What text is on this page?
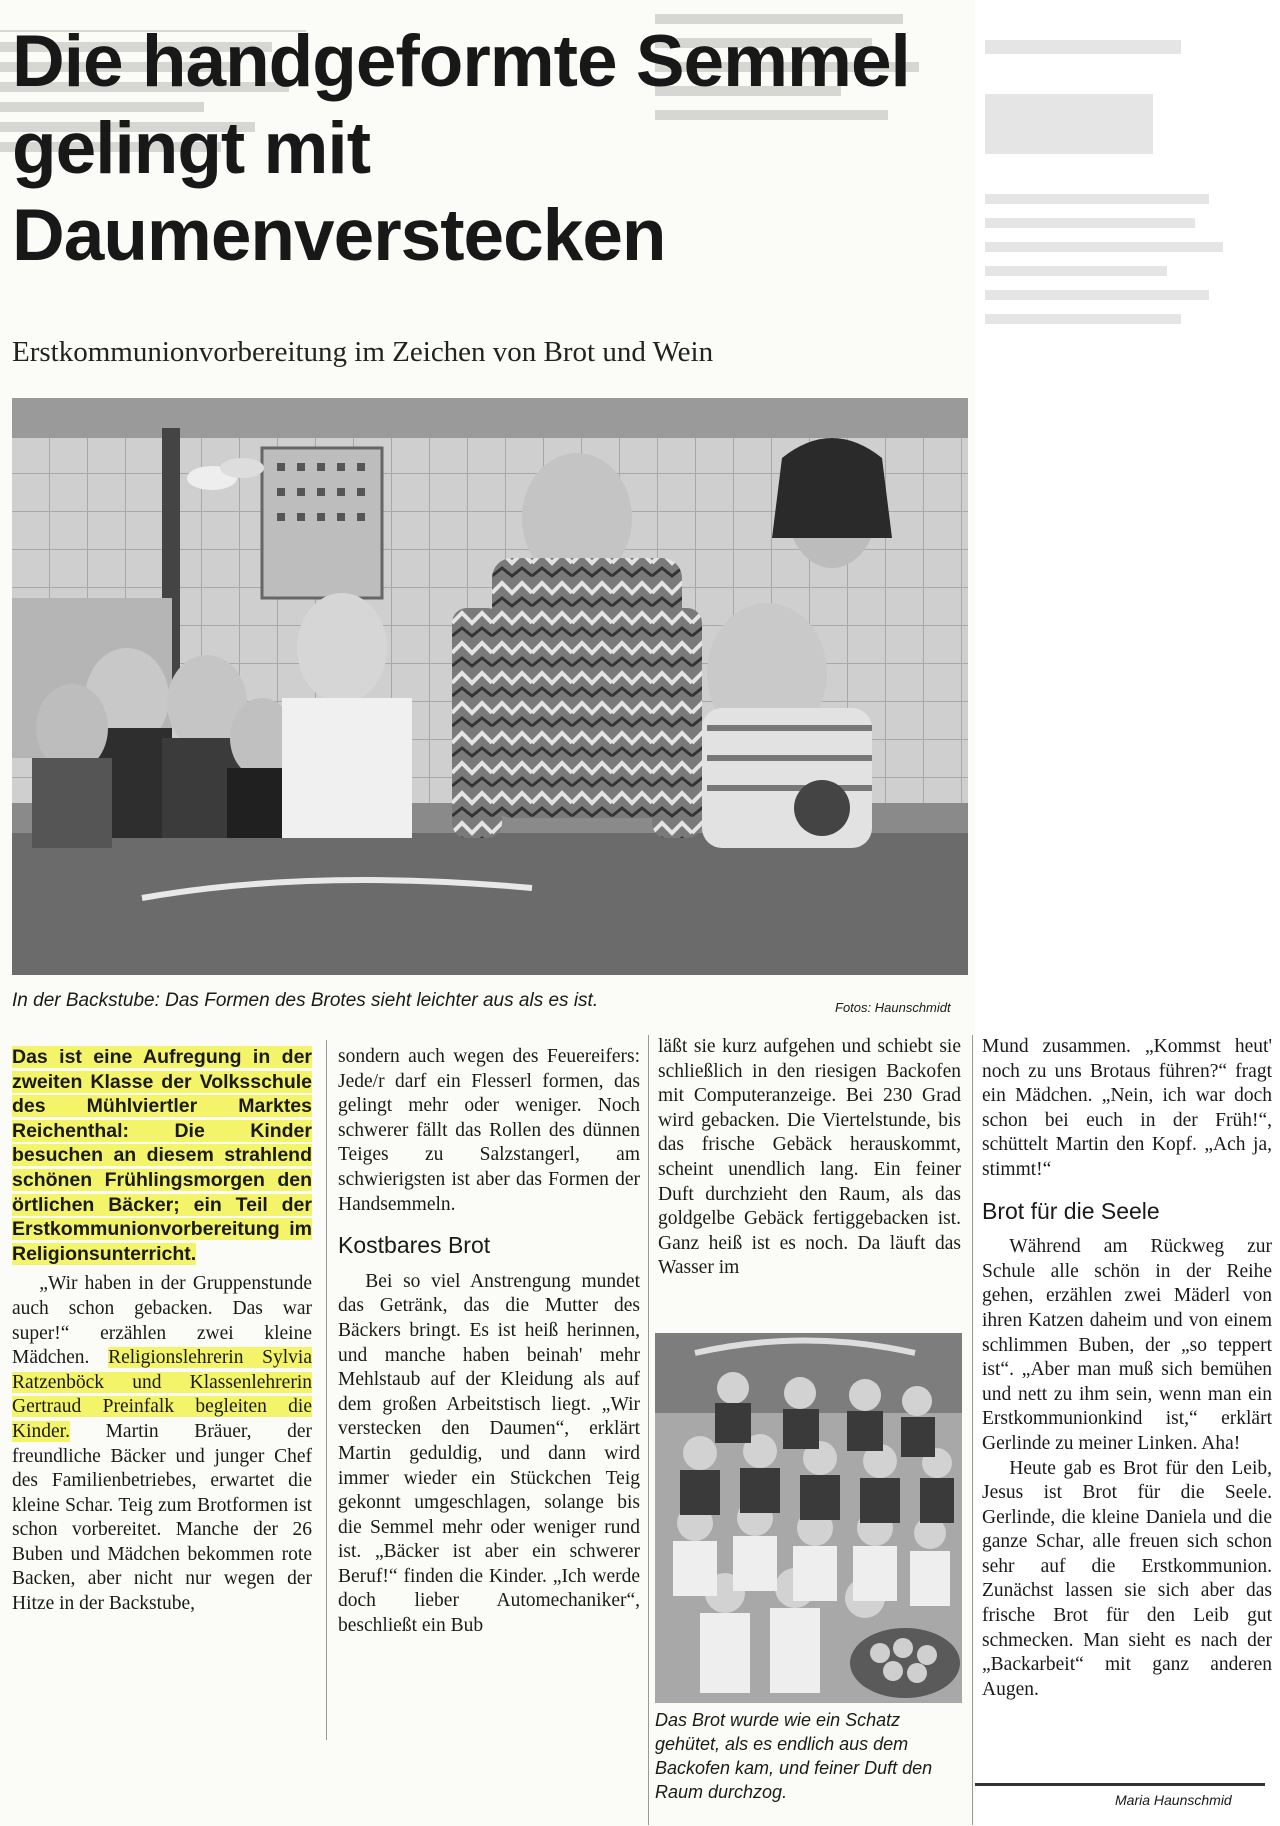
Die handgeformte Semmel gelingt mit Daumenverstecken
Erstkommunionvorbereitung im Zeichen von Brot und Wein
In der Backstube: Das Formen des Brotes sieht leichter aus als es ist.	Fotos: Haunschmidt

Das ist eine Aufregung in der zweiten Klasse der Volksschule des Mühlviertler Marktes Reichenthal: Die Kinder besuchen an diesem strahlend schönen Frühlingsmorgen den örtlichen Bäcker; ein Teil der Erstkommunionvorbereitung im Religionsunterricht.

„Wir haben in der Gruppenstunde auch schon gebacken. Das war super!“ erzählen zwei kleine Mädchen. Religionslehrerin Sylvia Ratzenböck und Klassenlehrerin Gertraud Preinfalk begleiten die Kinder. Martin Bräuer, der freundliche Bäcker und junger Chef des Familienbetriebes, erwartet die kleine Schar. Teig zum Brotformen ist schon vorbereitet. Manche der 26 Buben und Mädchen bekommen rote Backen, aber nicht nur wegen der Hitze in der Backstube,

sondern auch wegen des Feuereifers: Jede/r darf ein Flesserl formen, das gelingt mehr oder weniger. Noch schwerer fällt das Rollen des dünnen Teiges zu Salzstangerl, am schwierigsten ist aber das Formen der Handsemmeln.

Kostbares Brot

Bei so viel Anstrengung mundet das Getränk, das die Mutter des Bäckers bringt. Es ist heiß herinnen, und manche haben beinah' mehr Mehlstaub auf der Kleidung als auf dem großen Arbeitstisch liegt. „Wir verstecken den Daumen“, erklärt Martin geduldig, und dann wird immer wieder ein Stückchen Teig gekonnt umgeschlagen, solange bis die Semmel mehr oder weniger rund ist. „Bäcker ist aber ein schwerer Beruf!“ finden die Kinder. „Ich werde doch lieber Automechaniker“, beschließt ein Bub

läßt sie kurz aufgehen und schiebt sie schließlich in den riesigen Backofen mit Computeranzeige. Bei 230 Grad wird gebacken. Die Viertelstunde, bis das frische Gebäck herauskommt, scheint unendlich lang. Ein feiner Duft durchzieht den Raum, als das goldgelbe Gebäck fertiggebacken ist. Ganz heiß ist es noch. Da läuft das Wasser im

Das Brot wurde wie ein Schatz gehütet, als es endlich aus dem Backofen kam, und feiner Duft den Raum durchzog.

Mund zusammen. „Kommst heut' noch zu uns Brotaus führen?“ fragt ein Mädchen. „Nein, ich war doch schon bei euch in der Früh!“, schüttelt Martin den Kopf. „Ach ja, stimmt!“

Brot für die Seele

Während am Rückweg zur Schule alle schön in der Reihe gehen, erzählen zwei Mäderl von ihren Katzen daheim und von einem schlimmen Buben, der „so teppert ist“. „Aber man muß sich bemühen und nett zu ihm sein, wenn man ein Erstkommunionkind ist,“ erklärt Gerlinde zu meiner Linken. Aha!

Heute gab es Brot für den Leib, Jesus ist Brot für die Seele. Gerlinde, die kleine Daniela und die ganze Schar, alle freuen sich schon sehr auf die Erstkommunion. Zunächst lassen sie sich aber das frische Brot für den Leib gut schmecken. Man sieht es nach der „Backarbeit“ mit ganz anderen Augen.

Maria Haunschmid
